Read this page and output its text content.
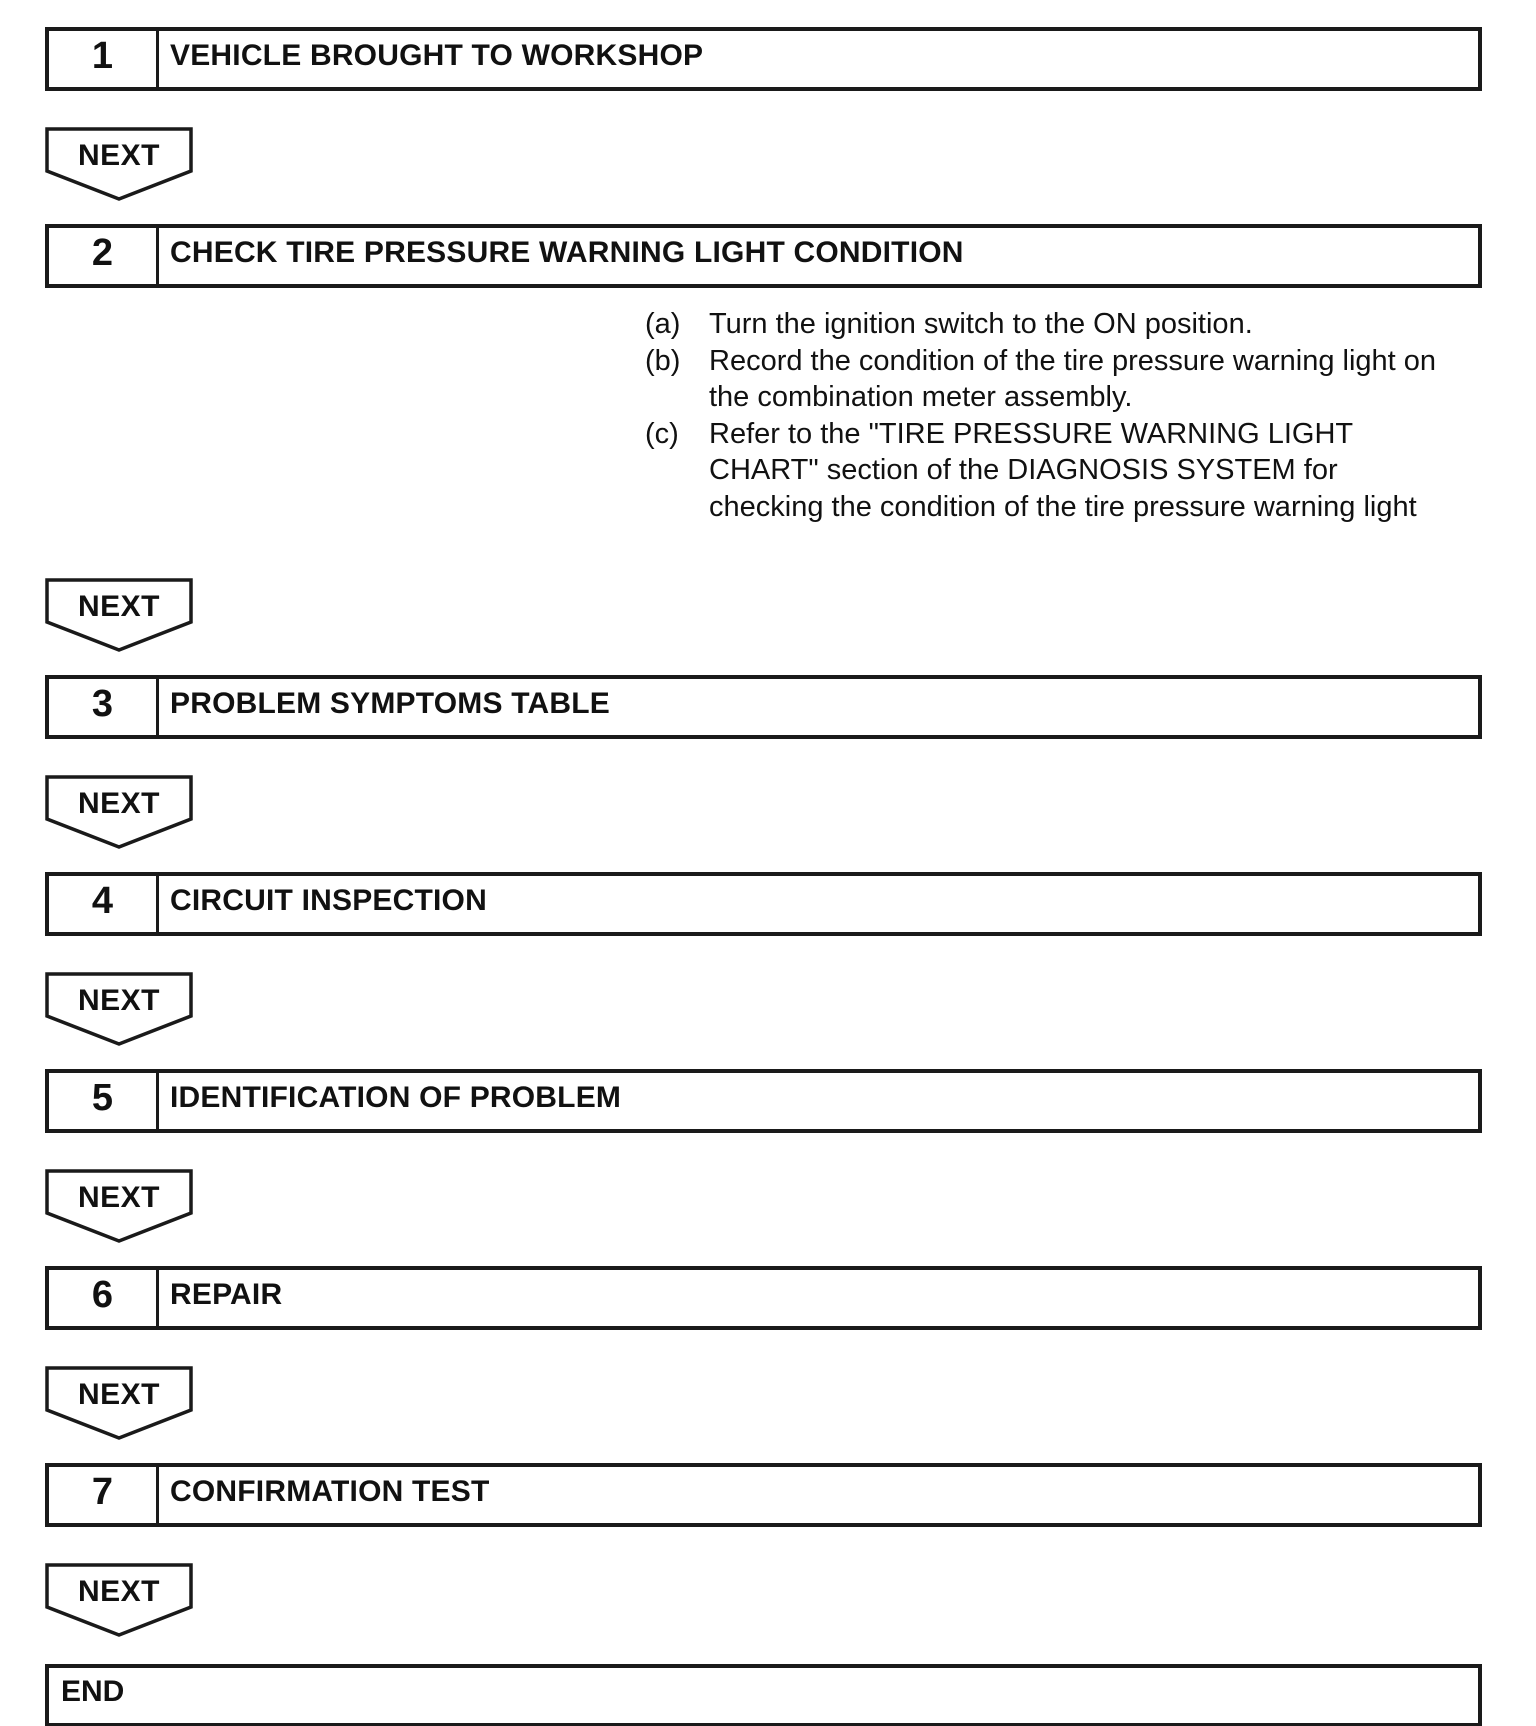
1	VEHICLE BROUGHT TO WORKSHOP
NEXT
2	CHECK TIRE PRESSURE WARNING LIGHT CONDITION
(a) Turn the ignition switch to the ON position.
(b) Record the condition of the tire pressure warning light on
the combination meter assembly.
(c)	Refer to the "TIRE PRESSURE WARNING LIGHT
CHART" section of the DIAGNOSIS SYSTEM for
checking the condition of the tire pressure warning light
NEXT
3	PROBLEM SYMPTOMS TABLE
NEXT
4	CIRCUIT INSPECTION
NEXT
5	IDENTIFICATION OF PROBLEM
NEXT
6	REPAIR
NEXT
7	CONFIRMATION TEST
NEXT
END
